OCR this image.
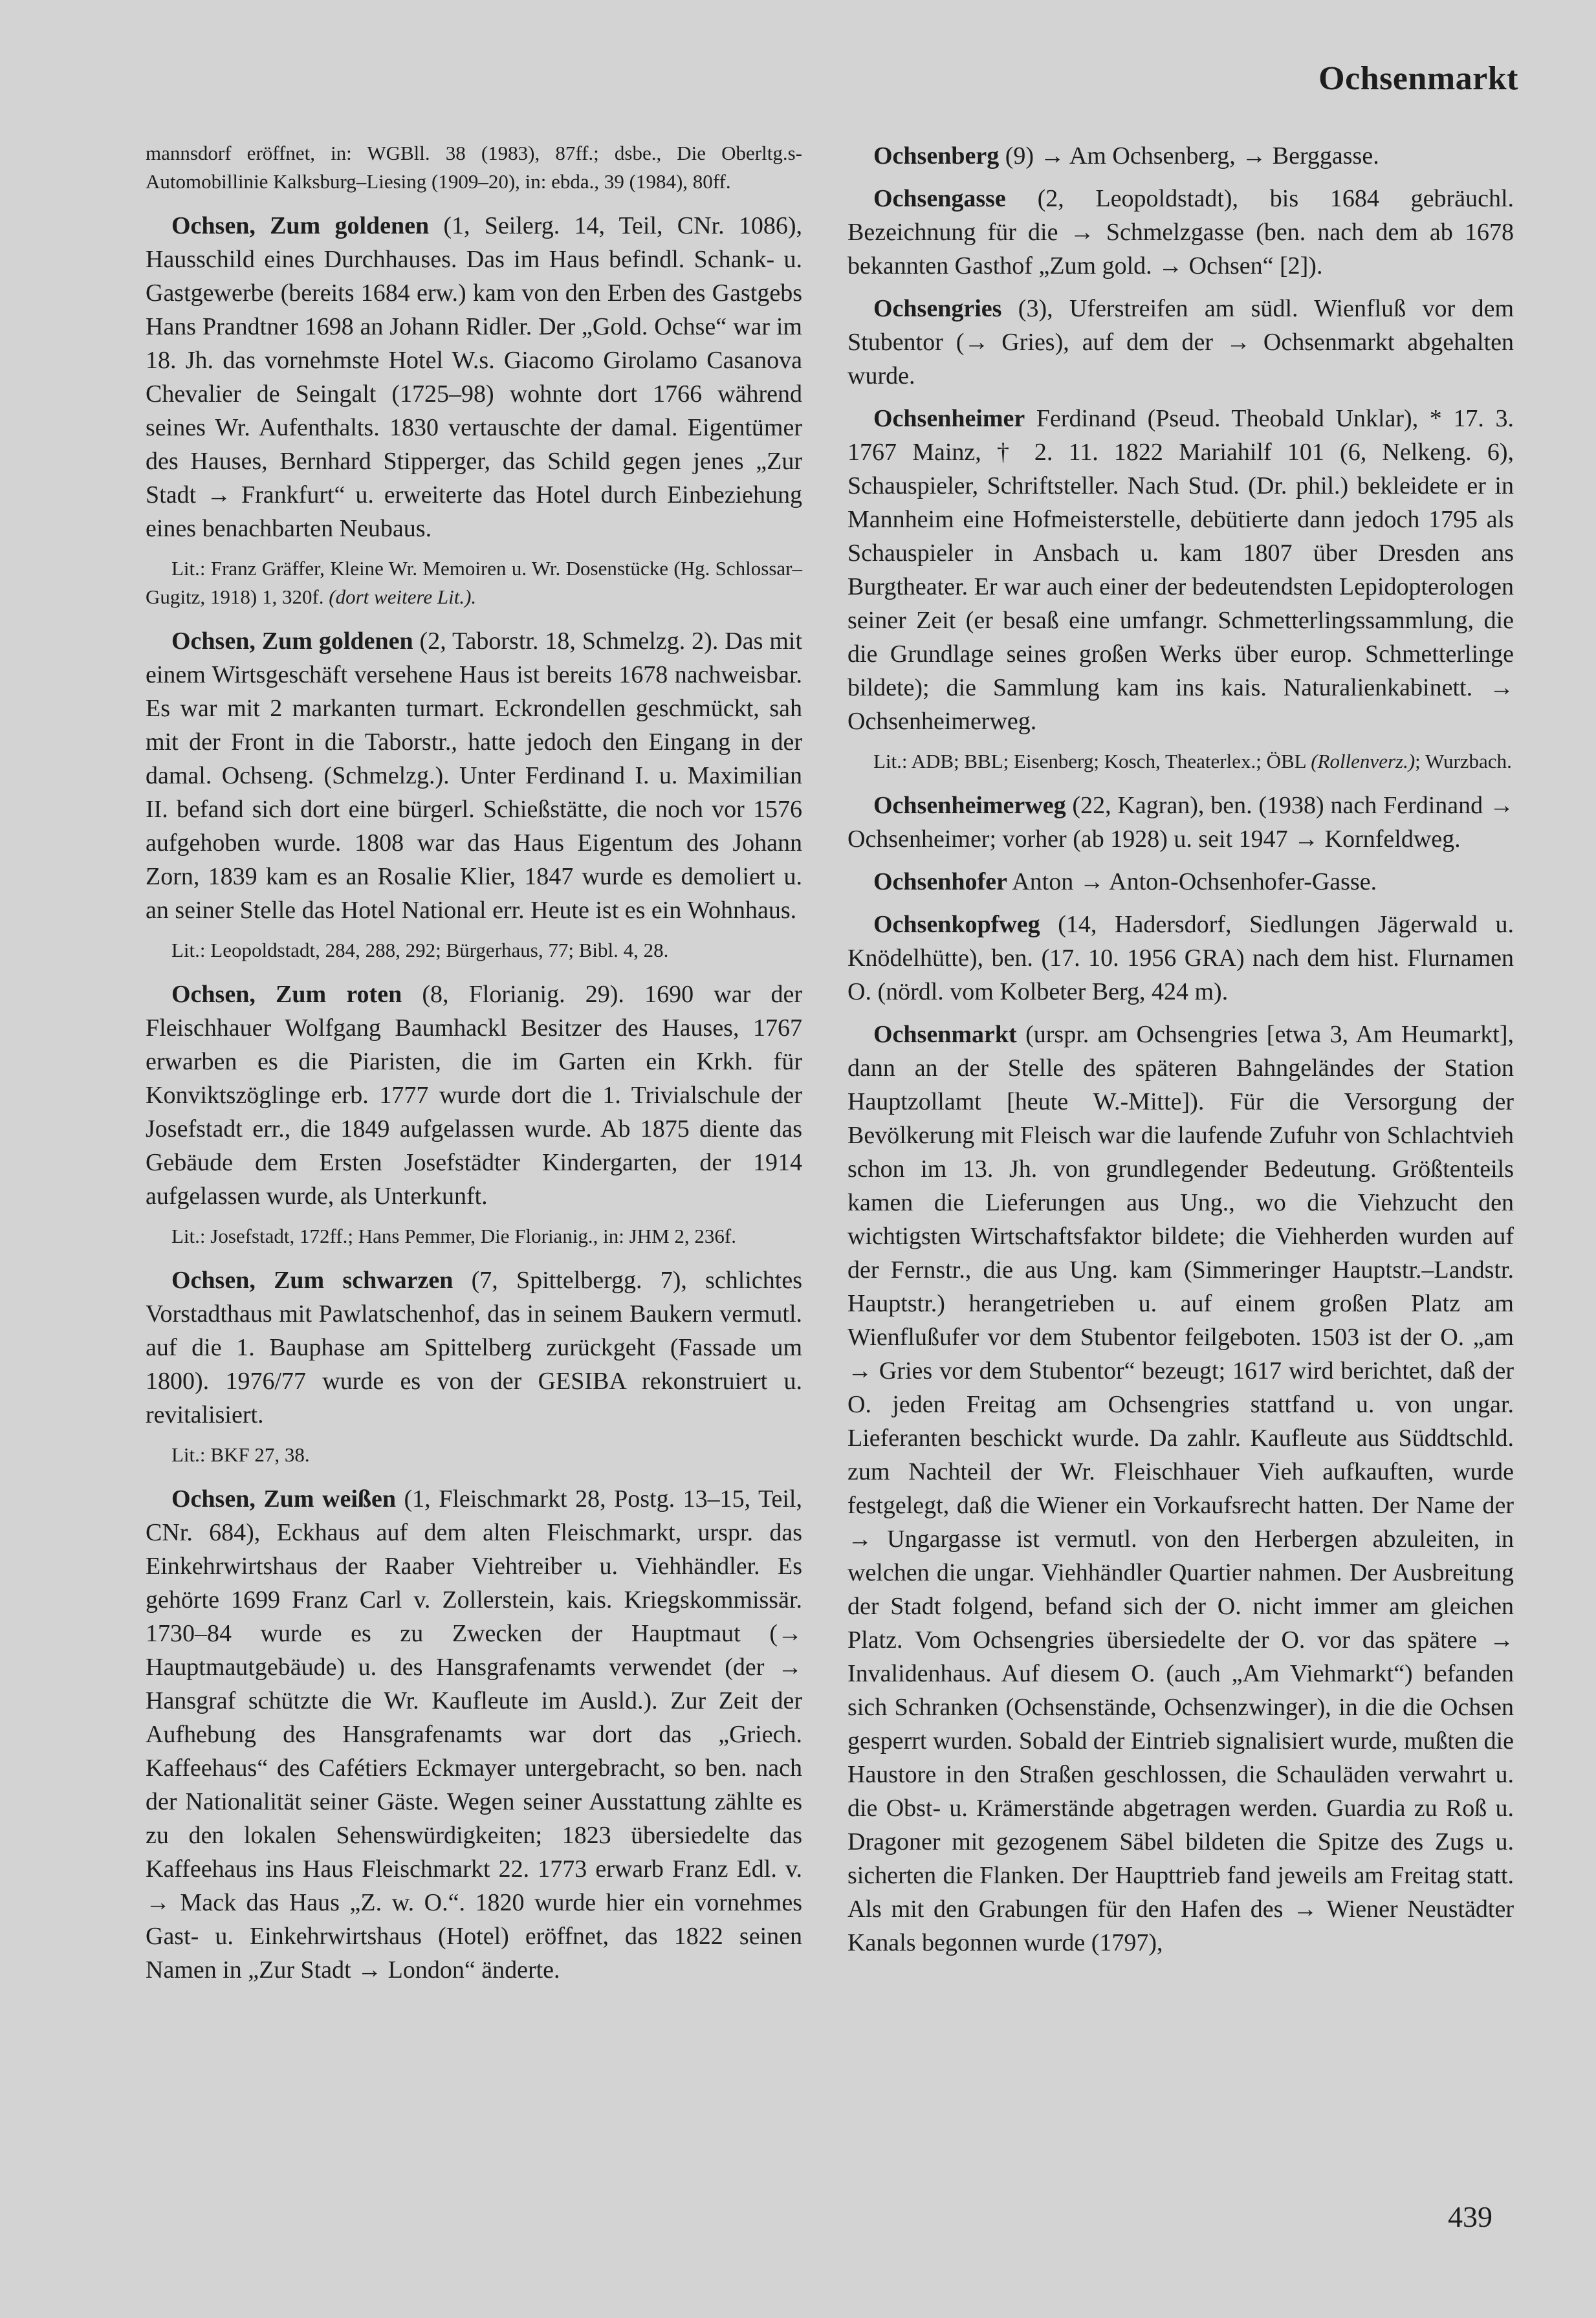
Ochsenmarkt
mannsdorf eröffnet, in: WGBll. 38 (1983), 87ff.; dsbe., Die Oberltg.s-Automobillinie Kalksburg–Liesing (1909–20), in: ebda., 39 (1984), 80ff.
Ochsen, Zum goldenen (1, Seilerg. 14, Teil, CNr. 1086), Hausschild eines Durchhauses. Das im Haus befindl. Schank- u. Gastgewerbe (bereits 1684 erw.) kam von den Erben des Gastgebs Hans Prandtner 1698 an Johann Ridler. Der „Gold. Ochse“ war im 18. Jh. das vornehmste Hotel W.s. Giacomo Girolamo Casanova Chevalier de Seingalt (1725–98) wohnte dort 1766 während seines Wr. Aufenthalts. 1830 vertauschte der damal. Eigentümer des Hauses, Bernhard Stipperger, das Schild gegen jenes „Zur Stadt → Frankfurt“ u. erweiterte das Hotel durch Einbeziehung eines benachbarten Neubaus.
Lit.: Franz Gräffer, Kleine Wr. Memoiren u. Wr. Dosenstücke (Hg. Schlossar–Gugitz, 1918) 1, 320f. (dort weitere Lit.).
Ochsen, Zum goldenen (2, Taborstr. 18, Schmelzg. 2). Das mit einem Wirtsgeschäft versehene Haus ist bereits 1678 nachweisbar. Es war mit 2 markanten turmart. Eckrondellen geschmückt, sah mit der Front in die Taborstr., hatte jedoch den Eingang in der damal. Ochseng. (Schmelzg.). Unter Ferdinand I. u. Maximilian II. befand sich dort eine bürgerl. Schießstätte, die noch vor 1576 aufgehoben wurde. 1808 war das Haus Eigentum des Johann Zorn, 1839 kam es an Rosalie Klier, 1847 wurde es demoliert u. an seiner Stelle das Hotel National err. Heute ist es ein Wohnhaus.
Lit.: Leopoldstadt, 284, 288, 292; Bürgerhaus, 77; Bibl. 4, 28.
Ochsen, Zum roten (8, Florianig. 29). 1690 war der Fleischhauer Wolfgang Baumhackl Besitzer des Hauses, 1767 erwarben es die Piaristen, die im Garten ein Krkh. für Konviktszöglinge erb. 1777 wurde dort die 1. Trivialschule der Josefstadt err., die 1849 aufgelassen wurde. Ab 1875 diente das Gebäude dem Ersten Josefstädter Kindergarten, der 1914 aufgelassen wurde, als Unterkunft.
Lit.: Josefstadt, 172ff.; Hans Pemmer, Die Florianig., in: JHM 2, 236f.
Ochsen, Zum schwarzen (7, Spittelbergg. 7), schlichtes Vorstadthaus mit Pawlatschenhof, das in seinem Baukern vermutl. auf die 1. Bauphase am Spittelberg zurückgeht (Fassade um 1800). 1976/77 wurde es von der GESIBA rekonstruiert u. revitalisiert.
Lit.: BKF 27, 38.
Ochsen, Zum weißen (1, Fleischmarkt 28, Postg. 13–15, Teil, CNr. 684), Eckhaus auf dem alten Fleischmarkt, urspr. das Einkehrwirtshaus der Raaber Viehtreiber u. Viehhändler. Es gehörte 1699 Franz Carl v. Zollerstein, kais. Kriegskommissär. 1730–84 wurde es zu Zwecken der Hauptmaut (→ Hauptmautgebäude) u. des Hansgrafenamts verwendet (der → Hansgraf schützte die Wr. Kaufleute im Ausld.). Zur Zeit der Aufhebung des Hansgrafenamts war dort das „Griech. Kaffeehaus“ des Cafétiers Eckmayer untergebracht, so ben. nach der Nationalität seiner Gäste. Wegen seiner Ausstattung zählte es zu den lokalen Sehenswürdigkeiten; 1823 übersiedelte das Kaffeehaus ins Haus Fleischmarkt 22. 1773 erwarb Franz Edl. v. → Mack das Haus „Z. w. O.“. 1820 wurde hier ein vornehmes Gast- u. Einkehrwirtshaus (Hotel) eröffnet, das 1822 seinen Namen in „Zur Stadt → London“ änderte.
Ochsenberg (9) → Am Ochsenberg, → Berggasse.
Ochsengasse (2, Leopoldstadt), bis 1684 gebräuchl. Bezeichnung für die → Schmelzgasse (ben. nach dem ab 1678 bekannten Gasthof „Zum gold. → Ochsen“ [2]).
Ochsengries (3), Uferstreifen am südl. Wienfluß vor dem Stubentor (→ Gries), auf dem der → Ochsenmarkt abgehalten wurde.
Ochsenheimer Ferdinand (Pseud. Theobald Unklar), * 17. 3. 1767 Mainz, † 2. 11. 1822 Mariahilf 101 (6, Nelkeng. 6), Schauspieler, Schriftsteller. Nach Stud. (Dr. phil.) bekleidete er in Mannheim eine Hofmeisterstelle, debütierte dann jedoch 1795 als Schauspieler in Ansbach u. kam 1807 über Dresden ans Burgtheater. Er war auch einer der bedeutendsten Lepidopterologen seiner Zeit (er besaß eine umfangr. Schmetterlingssammlung, die die Grundlage seines großen Werks über europ. Schmetterlinge bildete); die Sammlung kam ins kais. Naturalienkabinett. → Ochsenheimerweg.
Lit.: ADB; BBL; Eisenberg; Kosch, Theaterlex.; ÖBL (Rollenverz.); Wurzbach.
Ochsenheimerweg (22, Kagran), ben. (1938) nach Ferdinand → Ochsenheimer; vorher (ab 1928) u. seit 1947 → Kornfeldweg.
Ochsenhofer Anton → Anton-Ochsenhofer-Gasse.
Ochsenkopfweg (14, Hadersdorf, Siedlungen Jägerwald u. Knödelhütte), ben. (17. 10. 1956 GRA) nach dem hist. Flurnamen O. (nördl. vom Kolbeter Berg, 424 m).
Ochsenmarkt (urspr. am Ochsengries [etwa 3, Am Heumarkt], dann an der Stelle des späteren Bahngeländes der Station Hauptzollamt [heute W.-Mitte]). Für die Versorgung der Bevölkerung mit Fleisch war die laufende Zufuhr von Schlachtvieh schon im 13. Jh. von grundlegender Bedeutung. Größtenteils kamen die Lieferungen aus Ung., wo die Viehzucht den wichtigsten Wirtschaftsfaktor bildete; die Viehherden wurden auf der Fernstr., die aus Ung. kam (Simmeringer Hauptstr.–Landstr. Hauptstr.) herangetrieben u. auf einem großen Platz am Wienflußufer vor dem Stubentor feilgeboten. 1503 ist der O. „am → Gries vor dem Stubentor“ bezeugt; 1617 wird berichtet, daß der O. jeden Freitag am Ochsengries stattfand u. von ungar. Lieferanten beschickt wurde. Da zahlr. Kaufleute aus Süddtschld. zum Nachteil der Wr. Fleischhauer Vieh aufkauften, wurde festgelegt, daß die Wiener ein Vorkaufsrecht hatten. Der Name der → Ungargasse ist vermutl. von den Herbergen abzuleiten, in welchen die ungar. Viehhändler Quartier nahmen. Der Ausbreitung der Stadt folgend, befand sich der O. nicht immer am gleichen Platz. Vom Ochsengries übersiedelte der O. vor das spätere → Invalidenhaus. Auf diesem O. (auch „Am Viehmarkt“) befanden sich Schranken (Ochsenstände, Ochsenzwinger), in die die Ochsen gesperrt wurden. Sobald der Eintrieb signalisiert wurde, mußten die Haustore in den Straßen geschlossen, die Schauläden verwahrt u. die Obst- u. Krämerstände abgetragen werden. Guardia zu Roß u. Dragoner mit gezogenem Säbel bildeten die Spitze des Zugs u. sicherten die Flanken. Der Haupttrieb fand jeweils am Freitag statt. Als mit den Grabungen für den Hafen des → Wiener Neustädter Kanals begonnen wurde (1797),
439
